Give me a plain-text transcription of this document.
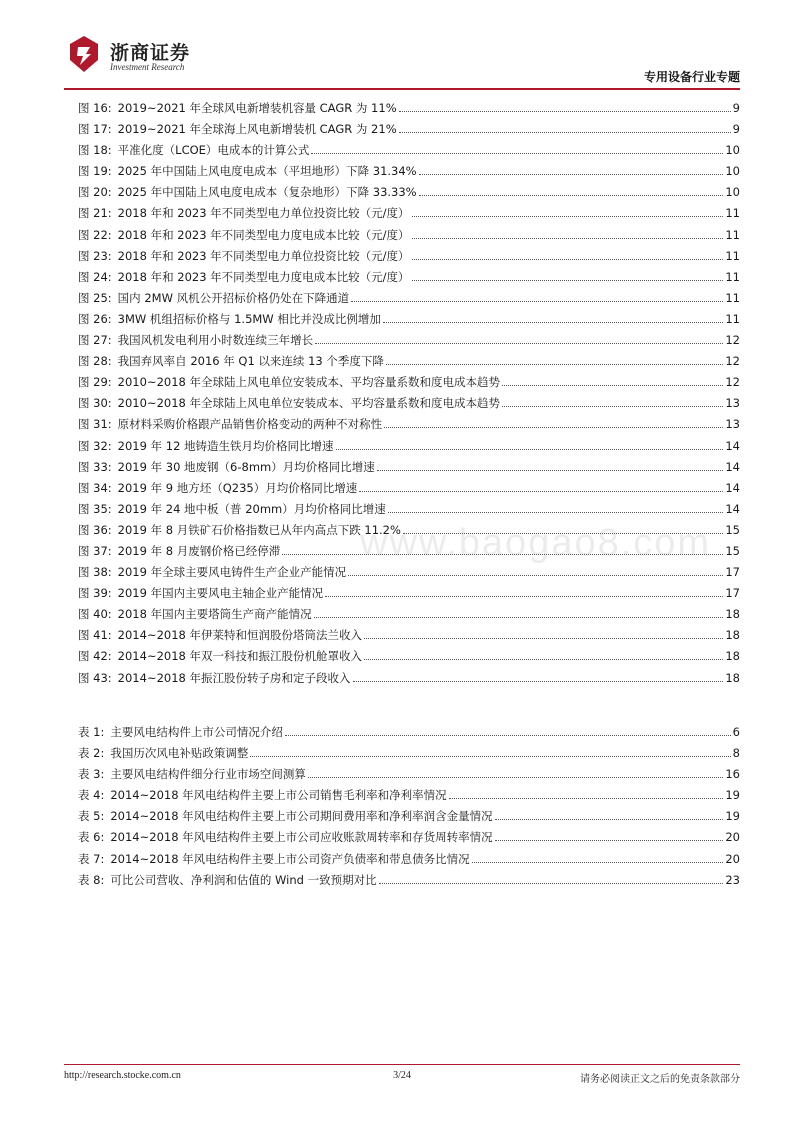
浙商证券
Investment Research
专用设备行业专题
图 16 : 2019~2021 年全球风电新增装机容量 CAGR 为 11%	9
图 17 : 2019~2021 年全球海上风电新增装机 CAGR 为 21%	9
图 18 : 平准化度（LCOE）电成本的计算公式	10
图 19 : 2025 年中国陆上风电度电成本（平坦地形）下降 31.34%	10
图 20 : 2025 年中国陆上风电度电成本（复杂地形）下降 33.33%	10
图 21 : 2018 年和 2023 年不同类型电力单位投资比较（元/度）	11
图 22 : 2018 年和 2023 年不同类型电力度电成本比较（元/度）	11
图 23 : 2018 年和 2023 年不同类型电力单位投资比较（元/度）	11
图 24 : 2018 年和 2023 年不同类型电力度电成本比较（元/度）	11
图 25 : 国内 2MW 风机公开招标价格仍处在下降通道	11
图 26 : 3MW 机组招标价格与 1.5MW 相比并没成比例增加	11
图 27 : 我国风机发电利用小时数连续三年增长	12
图 28 : 我国弃风率自 2016 年 Q1 以来连续 13 个季度下降	12
图 29 : 2010~2018 年全球陆上风电单位安装成本、平均容量系数和度电成本趋势	12
图 30 : 2010~2018 年全球陆上风电单位安装成本、平均容量系数和度电成本趋势	13
图 31 : 原材料采购价格跟产品销售价格变动的两种不对称性	13
图 32 : 2019 年 12 地铸造生铁月均价格同比增速	14
图 33 : 2019 年 30 地废钢（6-8mm）月均价格同比增速	14
图 34 : 2019 年 9 地方坯（Q235）月均价格同比增速	14
图 35 : 2019 年 24 地中板（普 20mm）月均价格同比增速	14
图 36 : 2019 年 8 月铁矿石价格指数已从年内高点下跌 11.2%	15
图 37 : 2019 年 8 月废钢价格已经停滞	15
图 38 : 2019 年全球主要风电铸件生产企业产能情况	17
图 39 : 2019 年国内主要风电主轴企业产能情况	17
图 40 : 2018 年国内主要塔筒生产商产能情况	18
图 41 : 2014~2018 年伊莱特和恒润股份塔筒法兰收入	18
图 42 : 2014~2018 年双一科技和振江股份机舱罩收入	18
图 43 : 2014~2018 年振江股份转子房和定子段收入	18
表 1 : 主要风电结构件上市公司情况介绍	6
表 2 : 我国历次风电补贴政策调整	8
表 3 : 主要风电结构件细分行业市场空间测算	16
表 4 : 2014~2018 年风电结构件主要上市公司销售毛利率和净利率情况	19
表 5 : 2014~2018 年风电结构件主要上市公司期间费用率和净利率润含金量情况	19
表 6 : 2014~2018 年风电结构件主要上市公司应收账款周转率和存货周转率情况	20
表 7 : 2014~2018 年风电结构件主要上市公司资产负债率和带息债务比情况	20
表 8 : 可比公司营收、净利润和估值的 Wind 一致预期对比	23
www.baogao8.com
http://research.stocke.com.cn	3/24	请务必阅读正文之后的免责条款部分
